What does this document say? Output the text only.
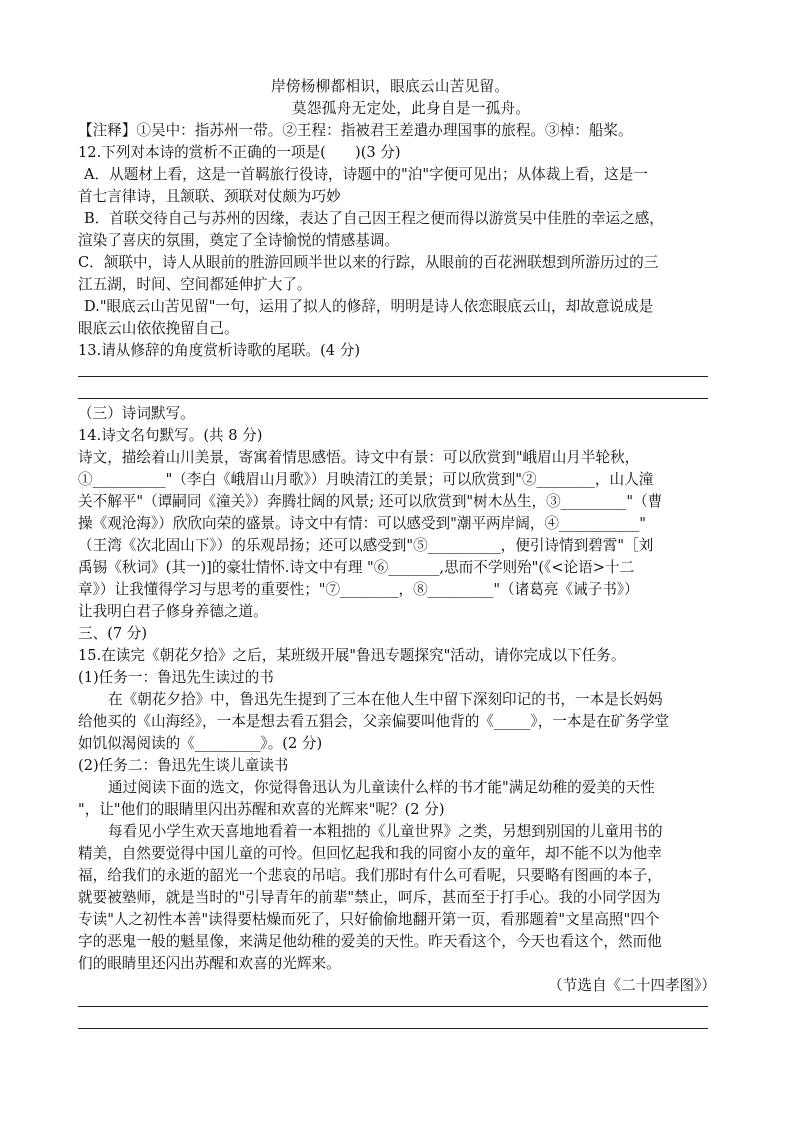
岸傍杨柳都相识，眼底云山苦见留。
莫怨孤舟无定处，此身自是一孤舟。
【注释】①吴中：指苏州一带。②王程：指被君王差遣办理国事的旅程。③棹：船桨。
12.下列对本诗的赏析不正确的一项是(　　)(3 分)
A．从题材上看，这是一首羁旅行役诗，诗题中的"泊"字便可见出；从体裁上看，这是一
首七言律诗，且颔联、颈联对仗颇为巧妙
B．首联交待自己与苏州的因缘，表达了自己因王程之便而得以游赏吴中佳胜的幸运之感，
渲染了喜庆的氛围，奠定了全诗愉悦的情感基调。
C．颔联中，诗人从眼前的胜游回顾半世以来的行踪，从眼前的百花洲联想到所游历过的三
江五湖，时间、空间都延伸扩大了。
D."眼底云山苦见留"一句，运用了拟人的修辞，明明是诗人依恋眼底云山，却故意说成是
眼底云山依依挽留自己。
13.请从修辞的角度赏析诗歌的尾联。(4 分)
（三）诗词默写。
14.诗文名句默写。(共 8 分)
诗文，描绘着山川美景，寄寓着情思感悟。诗文中有景：可以欣赏到"峨眉山月半轮秋，
①__________"（李白《峨眉山月歌》）月映清江的美景；可以欣赏到"②________，山人潼
关不解平"（谭嗣同《潼关》）奔腾壮阔的风景; 还可以欣赏到"树木丛生，③_________"（曹
操《观沧海》）欣欣向荣的盛景。诗文中有情：可以感受到"潮平两岸阔，④___________"
（王湾《次北固山下》）的乐观昂扬；还可以感受到"⑤__________，便引诗情到碧霄"［刘
禹锡《秋词》(其一)]的豪壮情怀.诗文中有理 "⑥_______,思而不学则殆"(《<论语>十二
章》）让我懂得学习与思考的重要性；"⑦________，⑧_________"（诸葛亮《诫子书》）
让我明白君子修身养德之道。
三、(7 分)
15.在读完《朝花夕拾》之后，某班级开展"鲁迅专题探究"活动，请你完成以下任务。
(1)任务一：鲁迅先生读过的书
在《朝花夕拾》中，鲁迅先生提到了三本在他人生中留下深刻印记的书，一本是长妈妈
给他买的《山海经》，一本是想去看五猖会，父亲偏要叫他背的《_____》，一本是在矿务学堂
如饥似渴阅读的《_________》。(2 分)
(2)任务二：鲁迅先生谈儿童读书
通过阅读下面的选文，你觉得鲁迅认为儿童读什么样的书才能"满足幼稚的爱美的天性
"，让"他们的眼睛里闪出苏醒和欢喜的光辉来"呢？(2 分)
每看见小学生欢天喜地地看着一本粗拙的《儿童世界》之类，另想到别国的儿童用书的
精美，自然要觉得中国儿童的可怜。但回忆起我和我的同窗小友的童年，却不能不以为他幸
福，给我们的永逝的韶光一个悲哀的吊唁。我们那时有什么可看呢，只要略有图画的本子，
就要被塾师，就是当时的"引导青年的前辈"禁止，呵斥，甚而至于打手心。我的小同学因为
专读"人之初性本善"读得要枯燥而死了，只好偷偷地翻开第一页，看那题着"文星高照"四个
字的恶鬼一般的魁星像，来满足他幼稚的爱美的天性。昨天看这个，今天也看这个，然而他
们的眼睛里还闪出苏醒和欢喜的光辉来。
（节选自《二十四孝图》）
